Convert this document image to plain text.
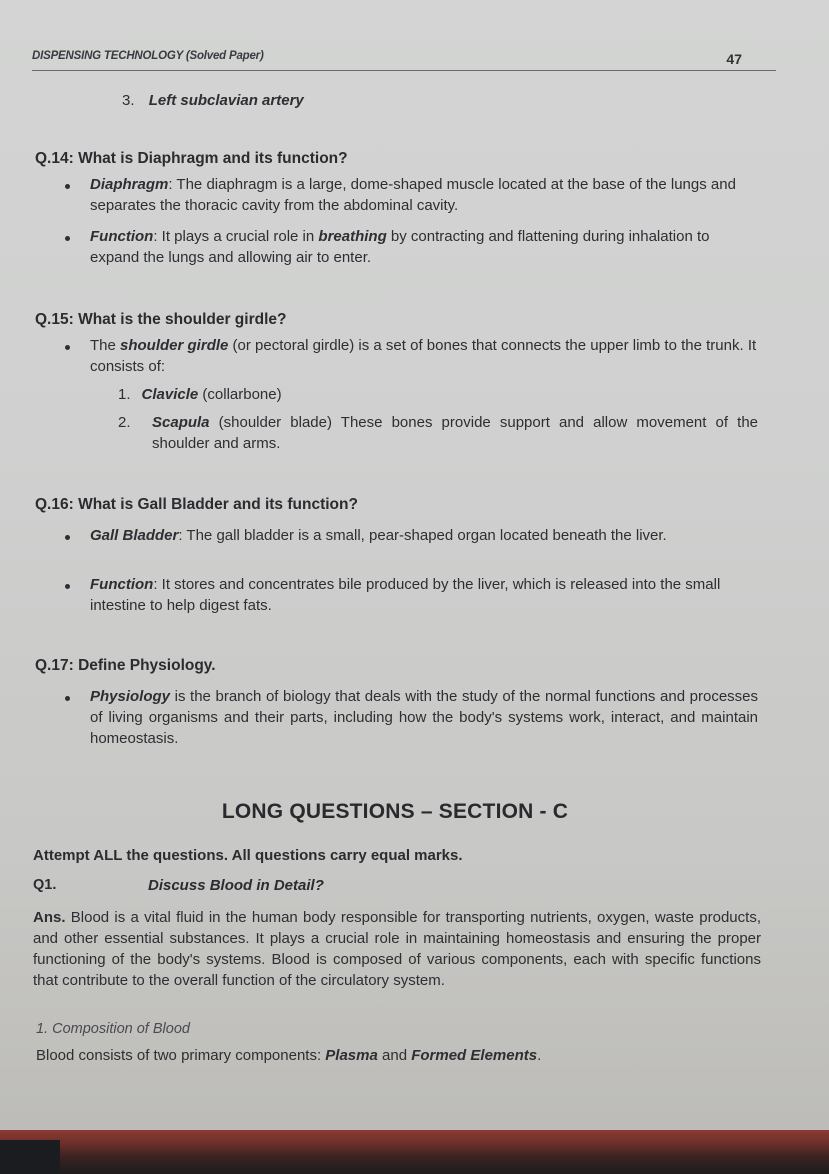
DISPENSING TECHNOLOGY (Solved Paper)	47
3. Left subclavian artery
Q.14: What is Diaphragm and its function?
Diaphragm: The diaphragm is a large, dome-shaped muscle located at the base of the lungs and separates the thoracic cavity from the abdominal cavity.
Function: It plays a crucial role in breathing by contracting and flattening during inhalation to expand the lungs and allowing air to enter.
Q.15: What is the shoulder girdle?
The shoulder girdle (or pectoral girdle) is a set of bones that connects the upper limb to the trunk. It consists of:
1. Clavicle (collarbone)
2.	Scapula (shoulder blade) These bones provide support and allow movement of the shoulder and arms.
Q.16: What is Gall Bladder and its function?
Gall Bladder: The gall bladder is a small, pear-shaped organ located beneath the liver.
Function: It stores and concentrates bile produced by the liver, which is released into the small intestine to help digest fats.
Q.17: Define Physiology.
Physiology is the branch of biology that deals with the study of the normal functions and processes of living organisms and their parts, including how the body's systems work, interact, and maintain homeostasis.
LONG QUESTIONS – SECTION - C
Attempt ALL the questions. All questions carry equal marks.
Q1.	Discuss Blood in Detail?
Ans. Blood is a vital fluid in the human body responsible for transporting nutrients, oxygen, waste products, and other essential substances. It plays a crucial role in maintaining homeostasis and ensuring the proper functioning of the body's systems. Blood is composed of various components, each with specific functions that contribute to the overall function of the circulatory system.
1. Composition of Blood
Blood consists of two primary components: Plasma and Formed Elements.
